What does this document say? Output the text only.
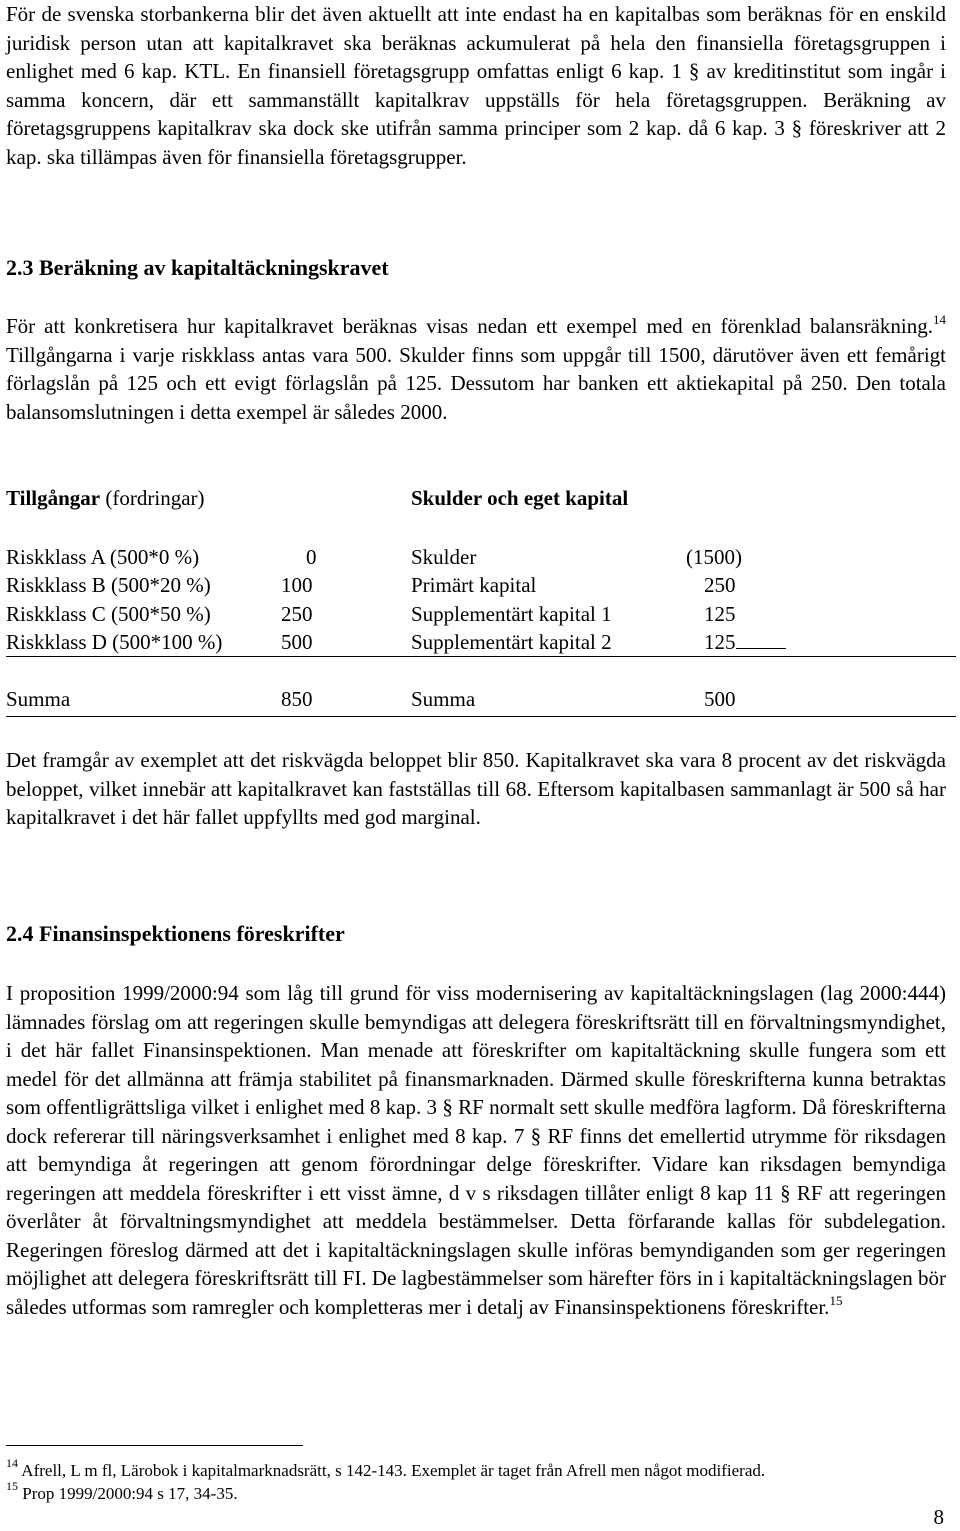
För de svenska storbankerna blir det även aktuellt att inte endast ha en kapitalbas som beräknas för en enskild juridisk person utan att kapitalkravet ska beräknas ackumulerat på hela den finansiella företagsgruppen i enlighet med 6 kap. KTL. En finansiell företagsgrupp omfattas enligt 6 kap. 1 § av kreditinstitut som ingår i samma koncern, där ett sammanställt kapitalkrav uppställs för hela företagsgruppen. Beräkning av företagsgruppens kapitalkrav ska dock ske utifrån samma principer som 2 kap. då 6 kap. 3 § föreskriver att 2 kap. ska tillämpas även för finansiella företagsgrupper.

2.3 Beräkning av kapitaltäckningskravet

För att konkretisera hur kapitalkravet beräknas visas nedan ett exempel med en förenklad balansräkning.$^{14}$ Tillgångarna i varje riskklass antas vara 500. Skulder finns som uppgår till 1500, därutöver även ett femårigt förlagslån på 125 och ett evigt förlagslån på 125. Dessutom har banken ett aktiekapital på 250. Den totala balansomslutningen i detta exempel är således 2000.

Tillgångar (fordringar)	Skulder och eget kapital
Riskklass A (500*0 %)	0	Skulder	(1500)
Riskklass B (500*20 %)	100	Primärt kapital	250
Riskklass C (500*50 %)	250	Supplementärt kapital 1	125
Riskklass D (500*100 %)	500	Supplementärt kapital 2	125
Summa	850	Summa	500

Det framgår av exemplet att det riskvägda beloppet blir 850. Kapitalkravet ska vara 8 procent av det riskvägda beloppet, vilket innebär att kapitalkravet kan fastställas till 68. Eftersom kapitalbasen sammanlagt är 500 så har kapitalkravet i det här fallet uppfyllts med god marginal.

2.4 Finansinspektionens föreskrifter

I proposition 1999/2000:94 som låg till grund för viss modernisering av kapitaltäckningslagen (lag 2000:444) lämnades förslag om att regeringen skulle bemyndigas att delegera föreskriftsrätt till en förvaltningsmyndighet, i det här fallet Finansinspektionen. Man menade att föreskrifter om kapitaltäckning skulle fungera som ett medel för det allmänna att främja stabilitet på finansmarknaden. Därmed skulle föreskrifterna kunna betraktas som offentligrättsliga vilket i enlighet med 8 kap. 3 § RF normalt sett skulle medföra lagform. Då föreskrifterna dock refererar till näringsverksamhet i enlighet med 8 kap. 7 § RF finns det emellertid utrymme för riksdagen att bemyndiga åt regeringen att genom förordningar delge föreskrifter. Vidare kan riksdagen bemyndiga regeringen att meddela föreskrifter i ett visst ämne, d v s riksdagen tillåter enligt 8 kap 11 § RF att regeringen överlåter åt förvaltningsmyndighet att meddela bestämmelser. Detta förfarande kallas för subdelegation. Regeringen föreslog därmed att det i kapitaltäckningslagen skulle införas bemyndiganden som ger regeringen möjlighet att delegera föreskriftsrätt till FI. De lagbestämmelser som härefter förs in i kapitaltäckningslagen bör således utformas som ramregler och kompletteras mer i detalj av Finansinspektionens föreskrifter.$^{15}$

$^{14}$ Afrell, L m fl, Lärobok i kapitalmarknadsrätt, s 142-143. Exemplet är taget från Afrell men något modifierad.
$^{15}$ Prop 1999/2000:94 s 17, 34-35.
8
